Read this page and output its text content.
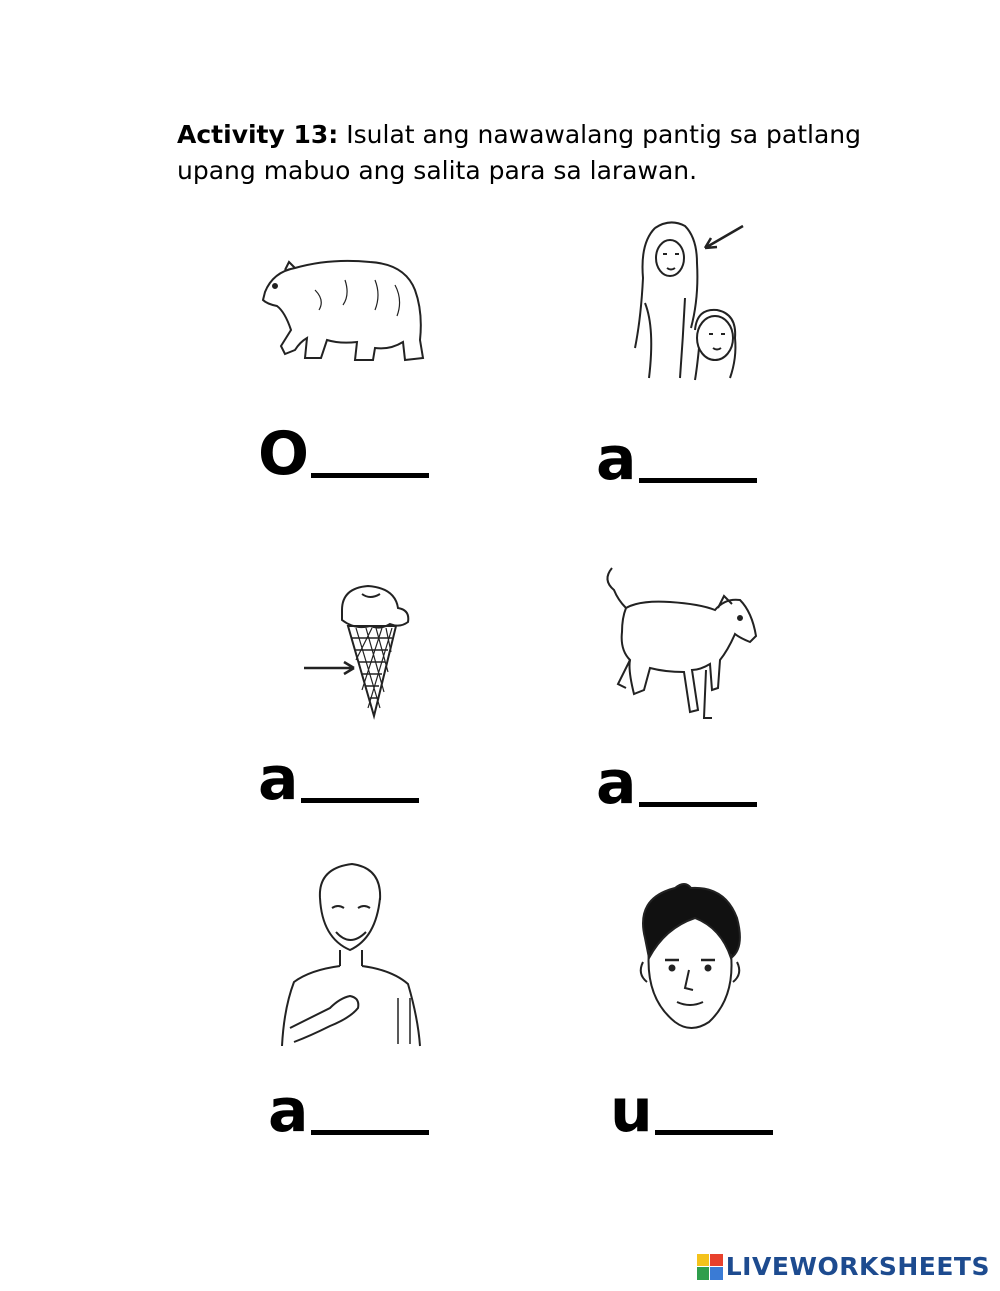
Activity 13: Isulat ang nawawalang pantig sa patlang
upang mabuo ang salita para sa larawan.
O	a
a	a
a	u
LIVEWORKSHEETS
